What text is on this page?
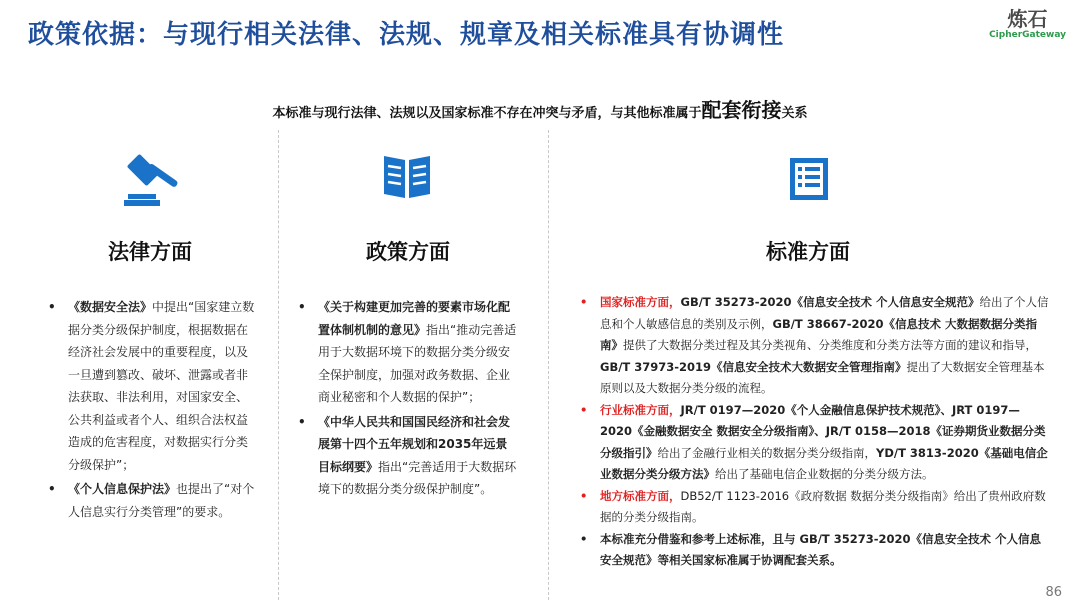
政策依据：与现行相关法律、法规、规章及相关标准具有协调性
炼石
CipherGateway
本标准与现行法律、法规以及国家标准不存在冲突与矛盾，与其他标准属于配套衔接关系
法律方面
• 《数据安全法》中提出“国家建立数据分类分级保护制度，根据数据在经济社会发展中的重要程度，以及一旦遭到篡改、破坏、泄露或者非法获取、非法利用，对国家安全、公共利益或者个人、组织合法权益造成的危害程度，对数据实行分类分级保护”；
• 《个人信息保护法》也提出了“对个人信息实行分类管理”的要求。
政策方面
• 《关于构建更加完善的要素市场化配置体制机制的意见》指出“推动完善适用于大数据环境下的数据分类分级安全保护制度，加强对政务数据、企业商业秘密和个人数据的保护”；
• 《中华人民共和国国民经济和社会发展第十四个五年规划和2035年远景目标纲要》指出“完善适用于大数据环境下的数据分类分级保护制度”。
标准方面
• 国家标准方面，GB/T 35273-2020《信息安全技术 个人信息安全规范》给出了个人信息和个人敏感信息的类别及示例，GB/T 38667-2020《信息技术 大数据数据分类指南》提供了大数据分类过程及其分类视角、分类维度和分类方法等方面的建议和指导，GB/T 37973-2019《信息安全技术大数据安全管理指南》提出了大数据安全管理基本原则以及大数据分类分级的流程。
• 行业标准方面，JR/T 0197—2020《个人金融信息保护技术规范》、JRT 0197—2020《金融数据安全 数据安全分级指南》、JR/T 0158—2018《证券期货业数据分类分级指引》给出了金融行业相关的数据分类分级指南，YD/T 3813-2020《基础电信企业数据分类分级方法》给出了基础电信企业数据的分类分级方法。
• 地方标准方面，DB52/T 1123-2016《政府数据 数据分类分级指南》给出了贵州政府数据的分类分级指南。
• 本标准充分借鉴和参考上述标准，且与 GB/T 35273-2020《信息安全技术 个人信息安全规范》等相关国家标准属于协调配套关系。
86
